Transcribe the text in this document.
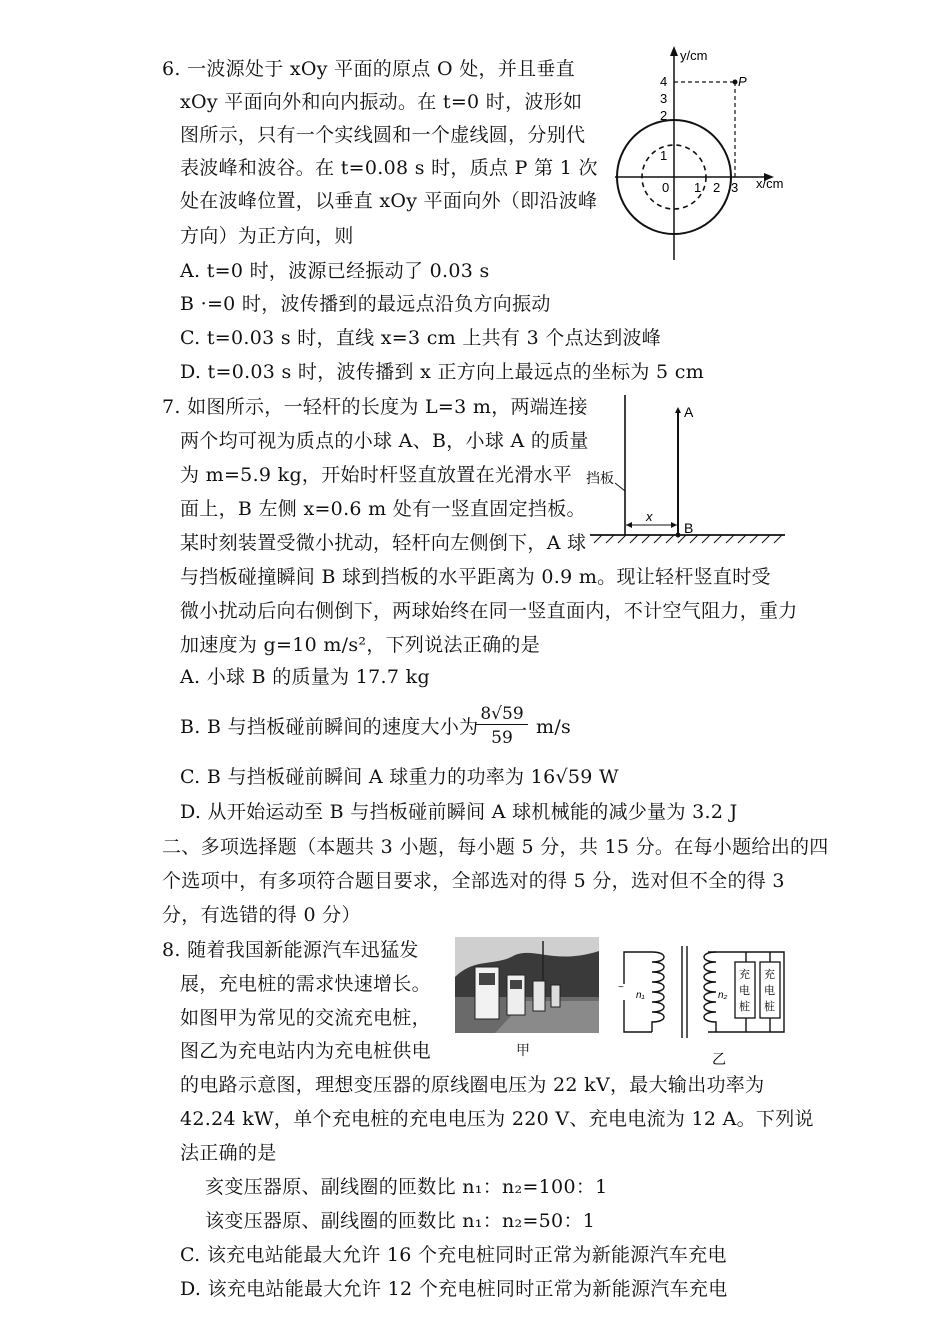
6. 一波源处于 xOy 平面的原点 O 处，并且垂直
xOy 平面向外和向内振动。在 t=0 时，波形如
图所示，只有一个实线圆和一个虚线圆，分别代
表波峰和波谷。在 t=0.08 s 时，质点 P 第 1 次
处在波峰位置，以垂直 xOy 平面向外（即沿波峰
方向）为正方向，则
A. t=0 时，波源已经振动了 0.03 s
B ·=0 时，波传播到的最远点沿负方向振动
C. t=0.03 s 时，直线 x=3 cm 上共有 3 个点达到波峰
D. t=0.03 s 时，波传播到 x 正方向上最远点的坐标为 5 cm
1
2
3
4
0 1 2 3
y/cm
x/cm
P
7. 如图所示，一轻杆的长度为 L=3 m，两端连接
两个均可视为质点的小球 A、B，小球 A 的质量
为 m=5.9 kg，开始时杆竖直放置在光滑水平
面上，B 左侧 x=0.6 m 处有一竖直固定挡板。
某时刻装置受微小扰动，轻杆向左侧倒下，A 球
与挡板碰撞瞬间 B 球到挡板的水平距离为 0.9 m。现让轻杆竖直时受
微小扰动后向右侧倒下，两球始终在同一竖直面内，不计空气阻力，重力
加速度为 g=10 m/s²，下列说法正确的是
A. 小球 B 的质量为 17.7 kg
B. B 与挡板碰前瞬间的速度大小为
8√59
59	m/s
C. B 与挡板碰前瞬间 A 球重力的功率为 16√59 W
D. 从开始运动至 B 与挡板碰前瞬间 A 球机械能的减少量为 3.2 J
A
B
挡板
x
二、多项选择题（本题共 3 小题，每小题 5 分，共 15 分。在每小题给出的四
个选项中，有多项符合题目要求，全部选对的得 5 分，选对但不全的得 3
分，有选错的得 0 分）
8. 随着我国新能源汽车迅猛发
展，充电桩的需求快速增长。
如图甲为常见的交流充电桩，
图乙为充电站内为充电桩供电
的电路示意图，理想变压器的原线圈电压为 22 kV，最大输出功率为
42.24 kW，单个充电桩的充电电压为 220 V、充电电流为 12 A。下列说
法正确的是
亥变压器原、副线圈的匝数比 n₁：n₂=100：1
该变压器原、副线圈的匝数比 n₁：n₂=50：1
C. 该充电站能最大允许 16 个充电桩同时正常为新能源汽车充电
D. 该充电站能最大允许 12 个充电桩同时正常为新能源汽车充电
甲
~
n₁	n₂
充
电
桩
充
电
桩
乙
